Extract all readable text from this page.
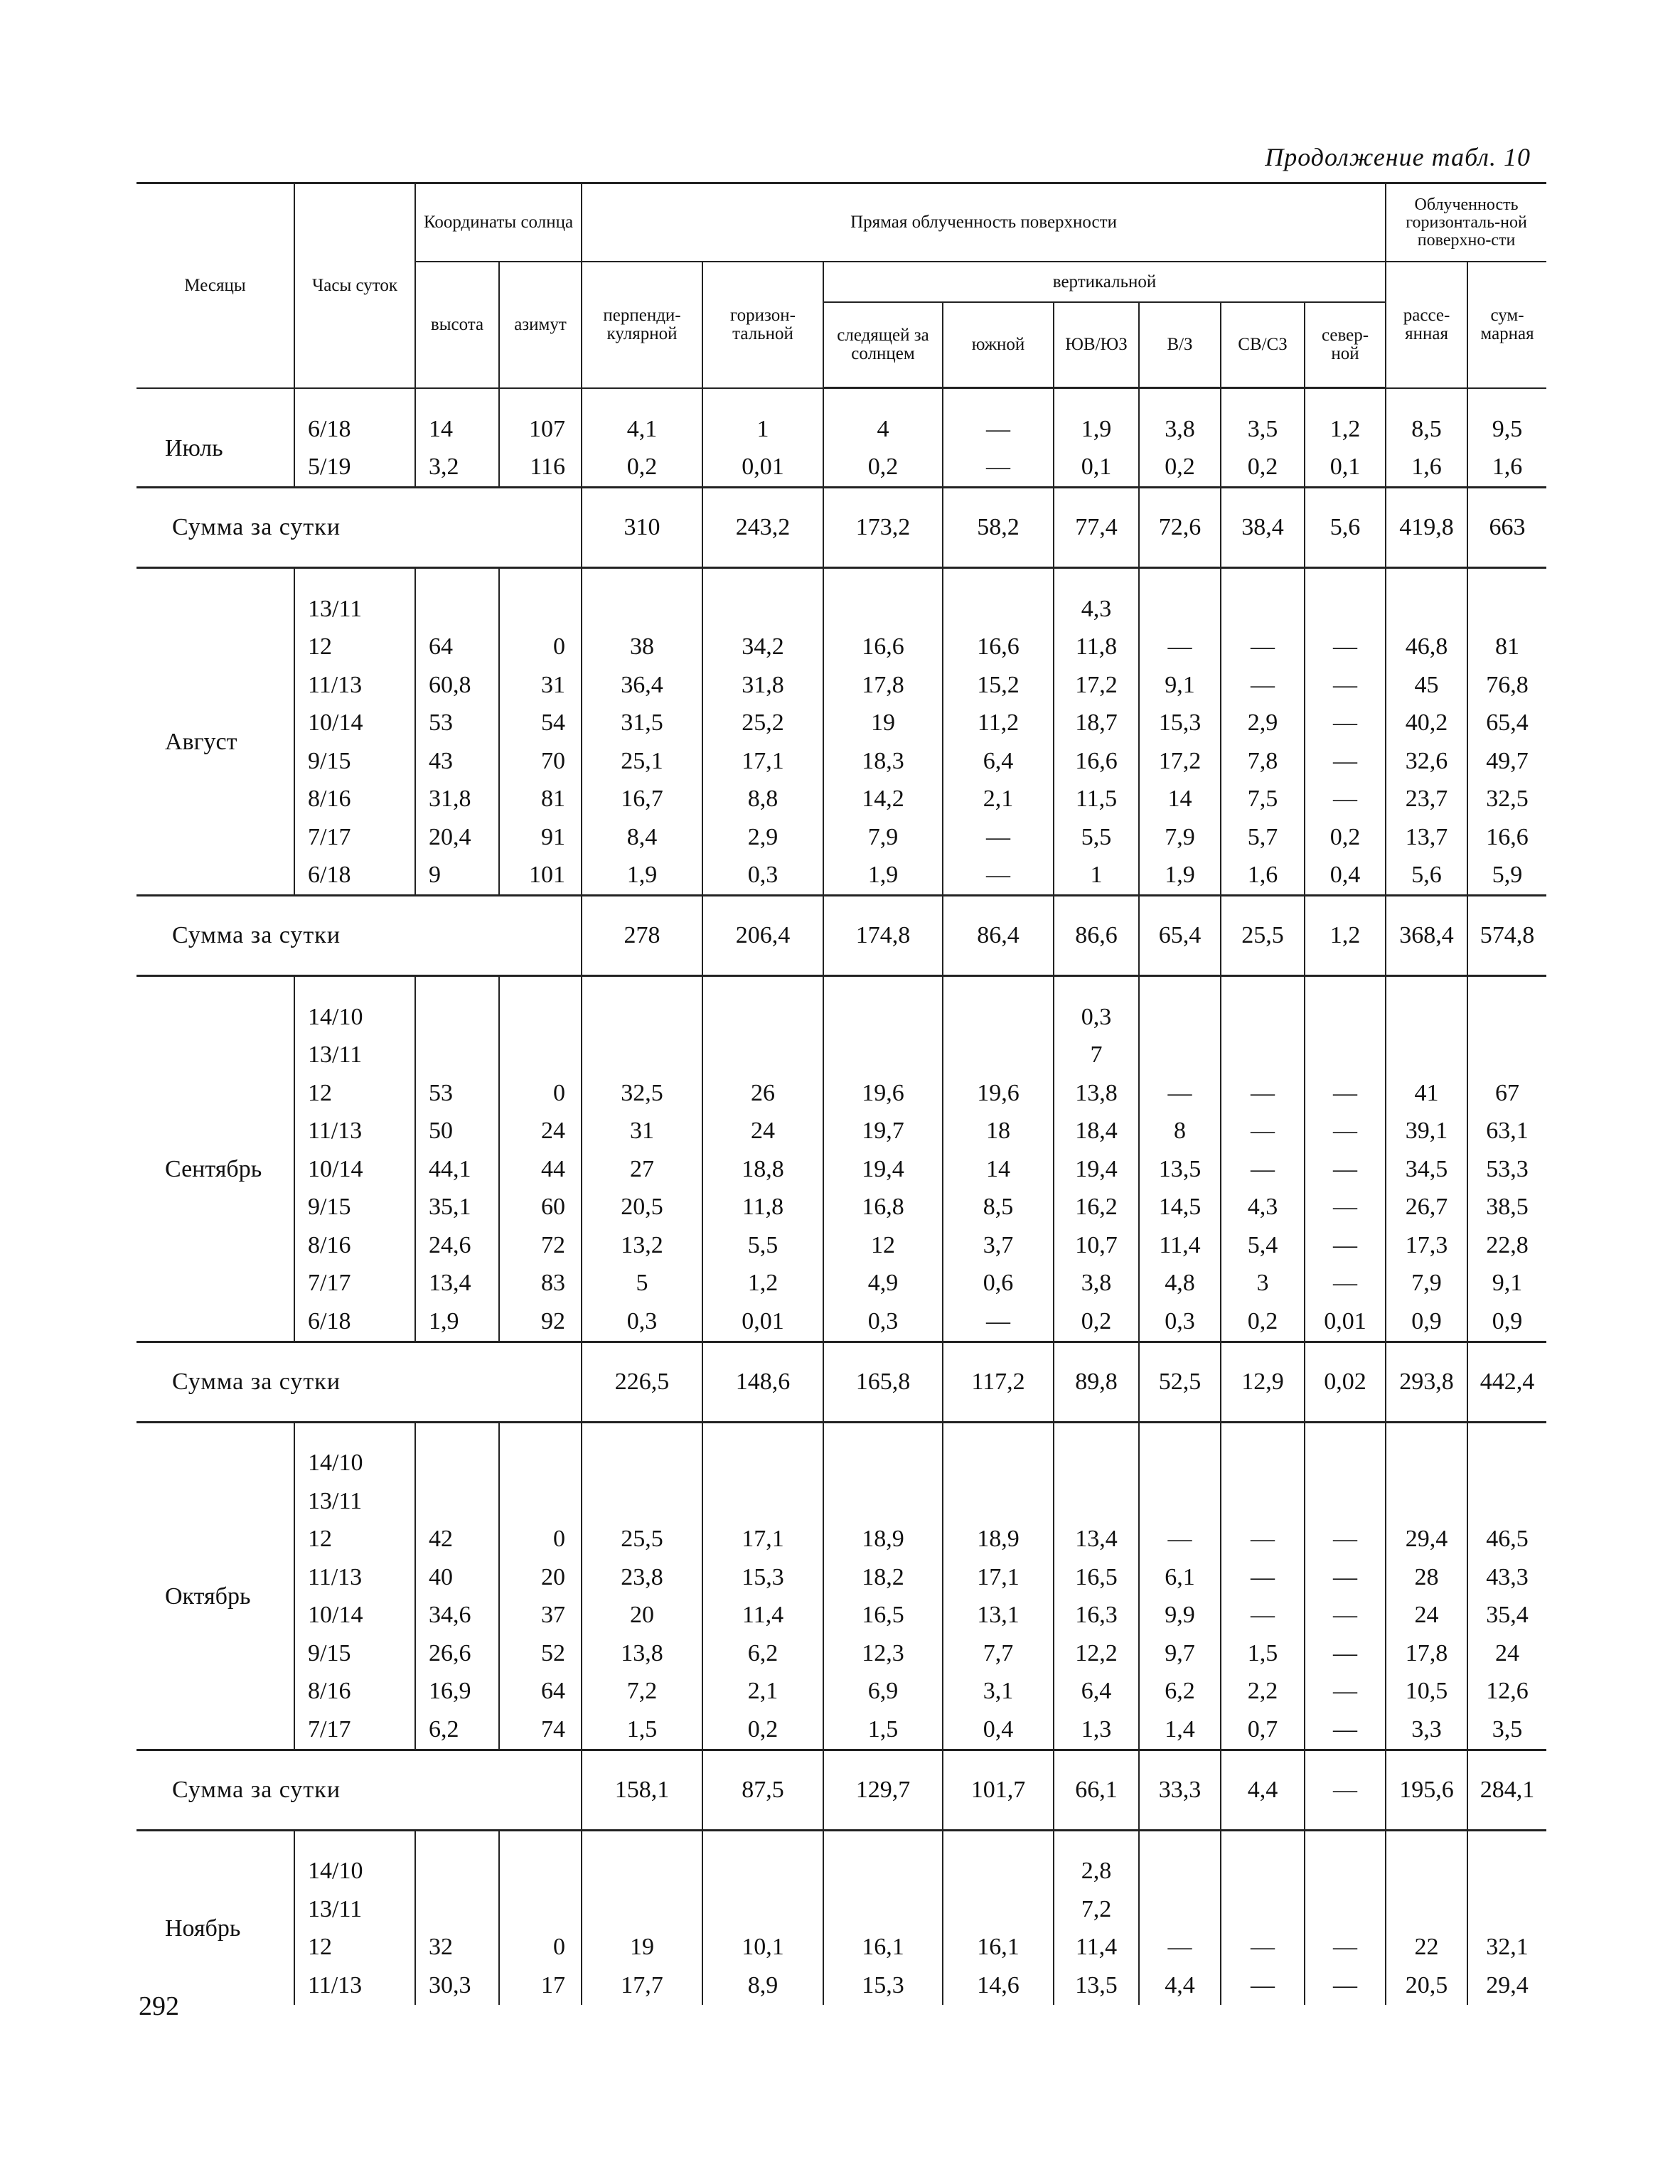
Продолжение табл. 10
Месяцы	Часы суток	Координаты солнца		Прямая облученность поверхности								Облученность горизонталь-ной поверхно-сти	
		высота	азимут	перпенди-кулярной	горизон-тальной	вертикальной						рассе-янная	сум-марная
						следящей за солнцем	южной	ЮВ/ЮЗ	В/З	СВ/СЗ	север-ной		

Июль	6/18	14	107	4,1	1	4	—	1,9	3,8	3,5	1,2	8,5	9,5
	5/19	3,2	116	0,2	0,01	0,2	—	0,1	0,2	0,2	0,1	1,6	1,6
Сумма за сутки				310	243,2	173,2	58,2	77,4	72,6	38,4	5,6	419,8	663

Август	13/11							4,3					
	12	64	0	38	34,2	16,6	16,6	11,8	—	—	—	46,8	81
	11/13	60,8	31	36,4	31,8	17,8	15,2	17,2	9,1	—	—	45	76,8
	10/14	53	54	31,5	25,2	19	11,2	18,7	15,3	2,9	—	40,2	65,4
	9/15	43	70	25,1	17,1	18,3	6,4	16,6	17,2	7,8	—	32,6	49,7
	8/16	31,8	81	16,7	8,8	14,2	2,1	11,5	14	7,5	—	23,7	32,5
	7/17	20,4	91	8,4	2,9	7,9	—	5,5	7,9	5,7	0,2	13,7	16,6
	6/18	9	101	1,9	0,3	1,9	—	1	1,9	1,6	0,4	5,6	5,9
Сумма за сутки				278	206,4	174,8	86,4	86,6	65,4	25,5	1,2	368,4	574,8

Сентябрь	14/10							0,3					
	13/11							7					
	12	53	0	32,5	26	19,6	19,6	13,8	—	—	—	41	67
	11/13	50	24	31	24	19,7	18	18,4	8	—	—	39,1	63,1
	10/14	44,1	44	27	18,8	19,4	14	19,4	13,5	—	—	34,5	53,3
	9/15	35,1	60	20,5	11,8	16,8	8,5	16,2	14,5	4,3	—	26,7	38,5
	8/16	24,6	72	13,2	5,5	12	3,7	10,7	11,4	5,4	—	17,3	22,8
	7/17	13,4	83	5	1,2	4,9	0,6	3,8	4,8	3	—	7,9	9,1
	6/18	1,9	92	0,3	0,01	0,3	—	0,2	0,3	0,2	0,01	0,9	0,9
Сумма за сутки				226,5	148,6	165,8	117,2	89,8	52,5	12,9	0,02	293,8	442,4

Октябрь	14/10												
	13/11												
	12	42	0	25,5	17,1	18,9	18,9	13,4	—	—	—	29,4	46,5
	11/13	40	20	23,8	15,3	18,2	17,1	16,5	6,1	—	—	28	43,3
	10/14	34,6	37	20	11,4	16,5	13,1	16,3	9,9	—	—	24	35,4
	9/15	26,6	52	13,8	6,2	12,3	7,7	12,2	9,7	1,5	—	17,8	24
	8/16	16,9	64	7,2	2,1	6,9	3,1	6,4	6,2	2,2	—	10,5	12,6
	7/17	6,2	74	1,5	0,2	1,5	0,4	1,3	1,4	0,7	—	3,3	3,5
Сумма за сутки				158,1	87,5	129,7	101,7	66,1	33,3	4,4	—	195,6	284,1

Ноябрь	14/10							2,8					
	13/11							7,2					
	12	32	0	19	10,1	16,1	16,1	11,4	—	—	—	22	32,1
	11/13	30,3	17	17,7	8,9	15,3	14,6	13,5	4,4	—	—	20,5	29,4
292
